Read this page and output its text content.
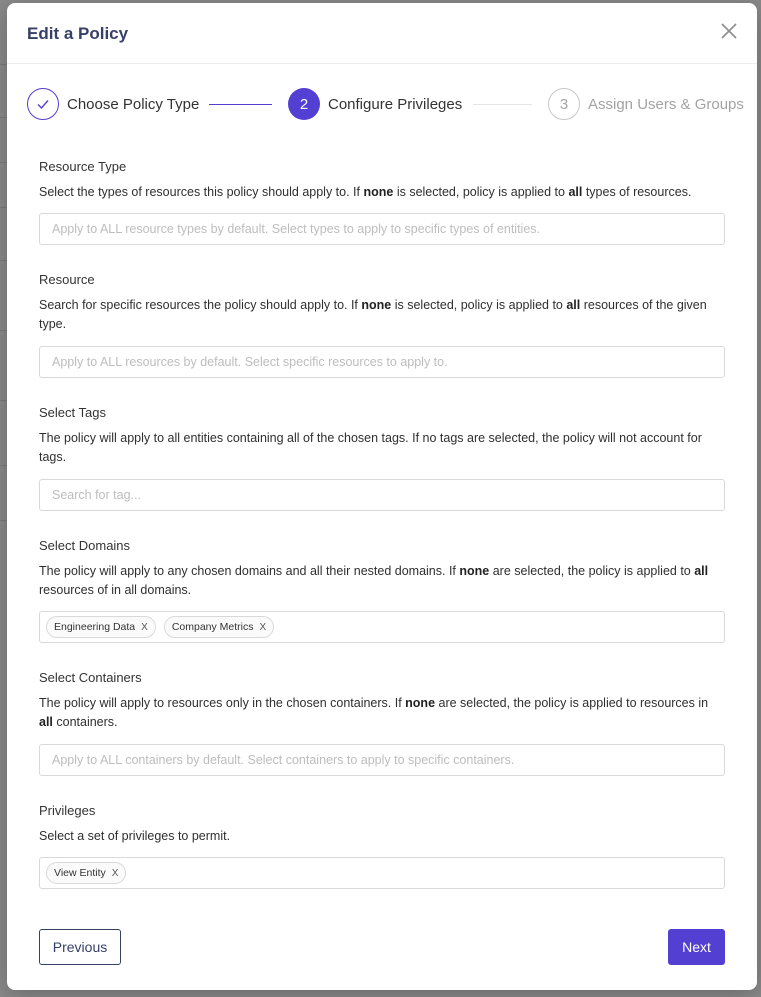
Edit a Policy
Choose Policy Type	2 Configure Privileges	3 Assign Users & Groups
Resource Type
Select the types of resources this policy should apply to. If none is selected, policy is applied to all types of resources.
Apply to ALL resource types by default. Select types to apply to specific types of entities.
Resource
Search for specific resources the policy should apply to. If none is selected, policy is applied to all resources of the given type.
Apply to ALL resources by default. Select specific resources to apply to.
Select Tags
The policy will apply to all entities containing all of the chosen tags. If no tags are selected, the policy will not account for tags.
Search for tag...
Select Domains
The policy will apply to any chosen domains and all their nested domains. If none are selected, the policy is applied to all resources of in all domains.
Engineering Data X Company Metrics X
Select Containers
The policy will apply to resources only in the chosen containers. If none are selected, the policy is applied to resources in all containers.
Apply to ALL containers by default. Select containers to apply to specific containers.
Privileges
Select a set of privileges to permit.
View Entity X
Previous	Next
